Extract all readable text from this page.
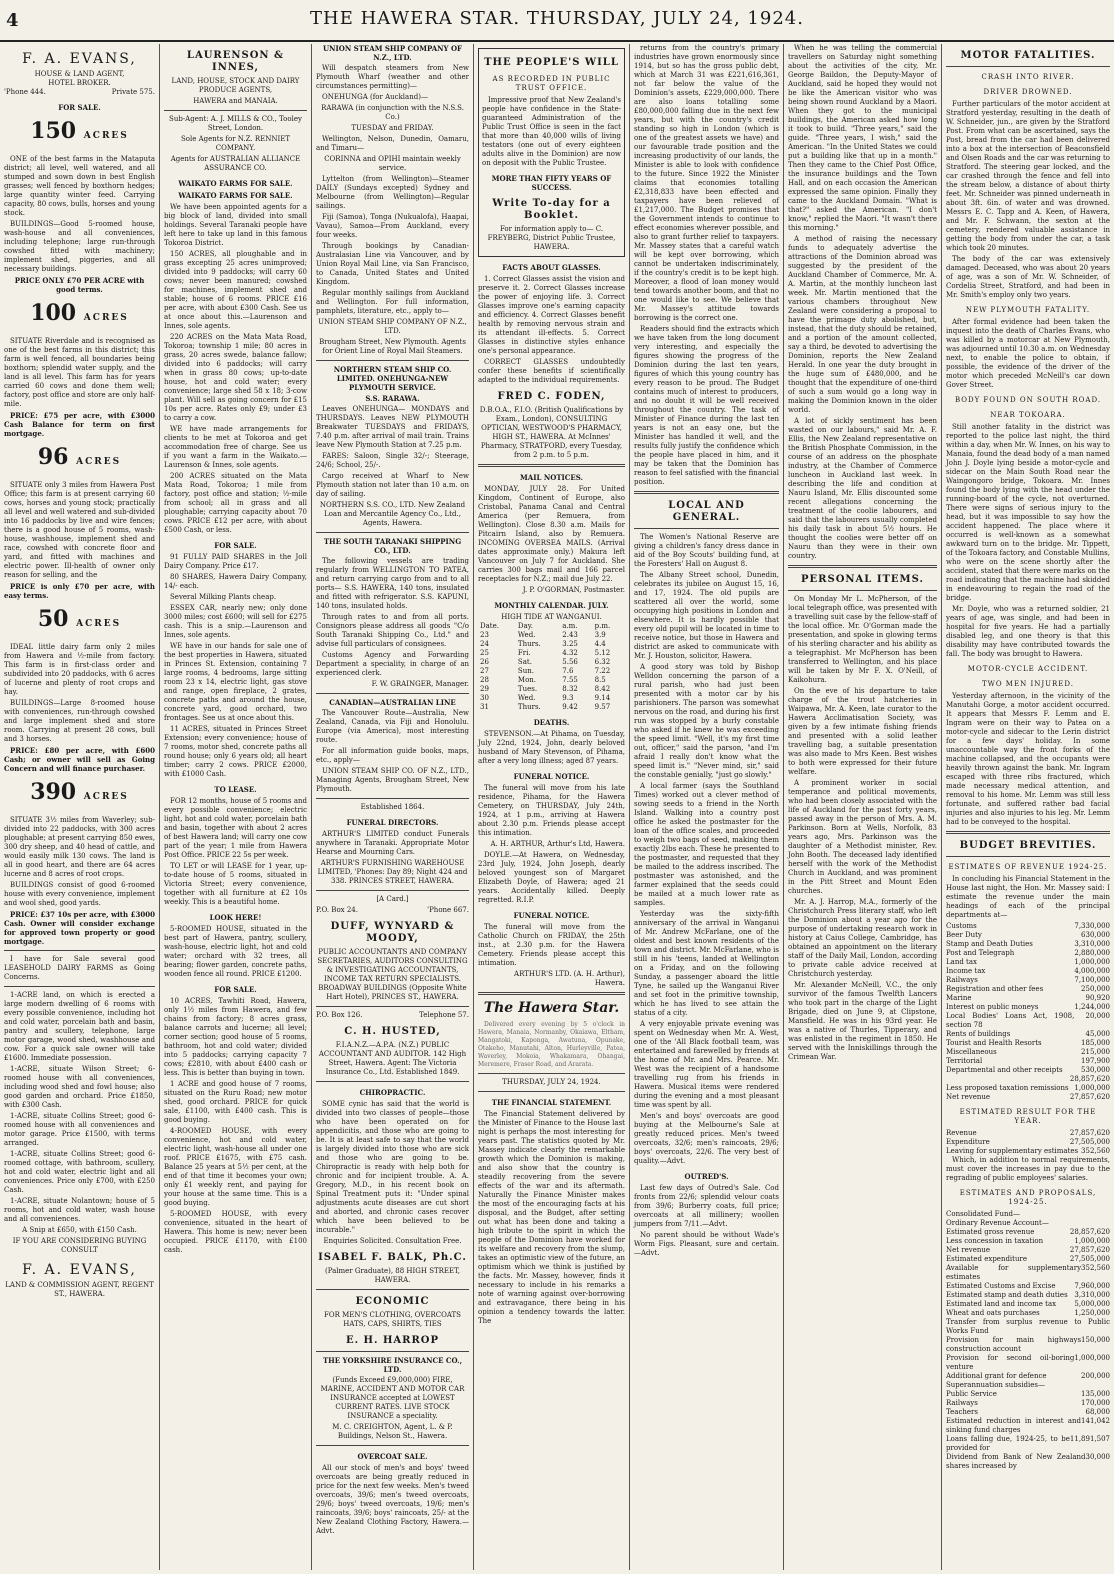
4	THE HAWERA STAR. THURSDAY, JULY 24, 1924.
F. A. EVANS,
HOUSE & LAND AGENT,
HOTEL BROKER.
'Phone 444.	Private 575.
FOR SALE.
150 ACRES

ONE of the best farms in the Mataputa district; all level, well watered, and all stumped and sown down in best English grasses; well fenced by boxthorn hedges; large quantity winter feed. Carrying capacity, 80 cows, bulls, horses and young stock.

BUILDINGS—Good 5-roomed house, wash-house and all conveniences, including telephone; large run-through cowshed fitted with machinery; implement shed, piggeries, and all necessary buildings.

PRICE ONLY £70 PER ACRE with good terms.

100 ACRES

SITUATE Riverdale and is recognised as one of the best farms in this district; this farm is well fenced, all boundaries being boxthorn; splendid water supply, and the land is all level. This farm has for years carried 60 cows and done them well; factory, post office and store are only half-mile.

PRICE: £75 per acre, with £3000 Cash Balance for term on first mortgage.

96 ACRES

SITUATE only 3 miles from Hawera Post Office; this farm is at present carrying 60 cows, horses and young stock; practically all level and well watered and sub-divided into 16 paddocks by live and wire fences; there is a good house of 5 rooms, wash-house, washhouse, implement shed and race, cowshed with concrete floor and yard, and fitted with machines and electric power. Ill-health of owner only reason for selling, and the

PRICE is only £70 per acre, with easy terms.

50 ACRES

IDEAL little dairy farm only 2 miles from Hawera and ½-mile from factory. This farm is in first-class order and subdivided into 20 paddocks, with 6 acres of lucerne and plenty of root crops and hay.

BUILDINGS—Large 8-roomed house with conveniences, run-through cowshed and large implement shed and store room. Carrying at present 28 cows, bull and 3 horses.

PRICE: £80 per acre, with £600 Cash; or owner will sell as Going Concern and will finance purchaser.

390 ACRES

SITUATE 3½ miles from Waverley; sub-divided into 22 paddocks, with 300 acres ploughable; at present carrying 850 ewes, 300 dry sheep, and 40 head of cattle, and would easily milk 130 cows. The land is all in good heart, and there are 64 acres lucerne and 8 acres of root crops.

BUILDINGS consist of good 6-roomed house with every convenience, implement and wool shed, good yards.

PRICE: £37 10s per acre, with £3000 Cash. Owner will consider exchange for approved town property or good mortgage.

I have for Sale several good LEASEHOLD DAIRY FARMS as Going Concerns.

1-ACRE land, on which is erected a large modern dwelling of 6 rooms with every possible convenience, including hot and cold water, porcelain bath and basin, pantry and scullery, telephone, large motor garage, wood shed, washhouse and cow. For a quick sale owner will take £1600. Immediate possession.

1-ACRE, situate Wilson Street; 6-roomed house with all conveniences, including wood shed and fowl house; also good garden and orchard. Price £1850, with £300 Cash.

1-ACRE, situate Collins Street; good 6-roomed house with all conveniences and motor garage. Price £1500, with terms arranged.

1-ACRE, situate Collins Street; good 6-roomed cottage, with bathroom, scullery, hot and cold water, electric light and all conveniences. Price only £700, with £250 Cash.

1-ACRE, situate Nolantown; house of 5 rooms, hot and cold water, wash house and all conveniences.

A Snip at £650, with £150 Cash.

IF YOU ARE CONSIDERING BUYING CONSULT

F. A. EVANS,

LAND & COMMISSION AGENT, REGENT ST., HAWERA.

LAURENSON & INNES,

LAND, HOUSE, STOCK AND DAIRY PRODUCE AGENTS,

HAWERA and MANAIA.

Sub-Agent: A. J. MILLS & CO., Tooley Street, London.

Sole Agents for N.Z. RENNIET COMPANY.

Agents for AUSTRALIAN ALLIANCE ASSURANCE CO.

WAIKATO FARMS FOR SALE.
WAIKATO FARMS FOR SALE.

We have been appointed agents for a big block of land, divided into small holdings. Several Taranaki people have left here to take up land in this famous Tokoroa District.

150 ACRES, all ploughable and in grass excepting 25 acres unimproved; divided into 9 paddocks; will carry 60 cows; never been manured; cowshed for machines, implement shed and stable; house of 6 rooms. PRICE £16 per acre, with about £300 Cash. See us at once about this.—Laurenson and Innes, sole agents.

220 ACRES on the Mata Mata Road, Tokoroa; township 1 mile; 80 acres in grass, 20 acres swede, balance fallow; divided into 6 paddocks; will carry when in grass 80 cows; up-to-date house, hot and cold water; every convenience; large shed 58 x 18; 3-cow plant. Will sell as going concern for £15 10s per acre. Rates only £9; under £3 to carry a cow.

WE have made arrangements for clients to be met at Tokoroa and get accommodation free of charge. See us if you want a farm in the Waikato.—Laurenson & Innes, sole agents.

200 ACRES situated on the Mata Mata Road, Tokoroa; 1 mile from factory, post office and station; ½-mile from school; all in grass and all ploughable; carrying capacity about 70 cows. PRICE £12 per acre, with about £500 Cash, or less.

FOR SALE.

91 FULLY PAID SHARES in the Joll Dairy Company. Price £17.

80 SHARES, Hawera Dairy Company, 14/- each.

Several Milking Plants cheap.

ESSEX CAR, nearly new; only done 3000 miles; cost £600; will sell for £275 cash. This is a snip.—Laurenson and Innes, sole agents.

WE have in our hands for sale one of the best properties in Hawera, situated in Princes St. Extension, containing 7 large rooms, 4 bedrooms, large sitting room 23 x 14, electric light, gas stove and range, open fireplace, 2 grates, concrete paths and around the house, concrete yard, good orchard, two frontages. See us at once about this.

11 ACRES, situated in Princes Street Extension; every convenience; house of 7 rooms, motor shed, concrete paths all round house; only 6 years old; all heart timber; carry 2 cows. PRICE £2000, with £1000 Cash.

TO LEASE.

FOR 12 months, house of 5 rooms and every possible convenience; electric light, hot and cold water, porcelain bath and basin, together with about 2 acres of best Hawera land; will carry one cow part of the year; 1 mile from Hawera Post Office. PRICE 22 5s per week.

TO LET or will LEASE for 1 year, up-to-date house of 5 rooms, situated in Victoria Street; every convenience, together with all furniture at £2 10s weekly. This is a beautiful home.

LOOK HERE!

5-ROOMED HOUSE, situated in the best part of Hawera, pantry, scullery, wash-house, electric light, hot and cold water; orchard with 32 trees, all bearing; flower garden, concrete paths, wooden fence all round. PRICE £1200.

FOR SALE.

10 ACRES, Tawhiti Road, Hawera, only 1½ miles from Hawera, and few chains from factory; 8 acres grass, balance carrots and lucerne; all level; corner section; good house of 5 rooms, bathroom, hot and cold water; divided into 5 paddocks; carrying capacity 7 cows; £2810, with about £400 cash or less. This is better than buying in town.

1 ACRE and good house of 7 rooms, situated on the Ruru Road; new motor shed, good orchard. PRICE for quick sale, £1100, with £400 cash. This is good buying.

4-ROOMED HOUSE, with every convenience, hot and cold water, electric light, wash-house all under one roof. PRICE £1675, with £75 cash. Balance 25 years at 5½ per cent, at the end of that time it becomes your own; only £1 weekly rent, and paying for your house at the same time. This is a good buying.

5-ROOMED HOUSE, with every convenience, situated in the heart of Hawera. This home is new; never been occupied. PRICE £1170, with £100 cash.

UNION STEAM SHIP COMPANY OF N.Z., LTD.

Will despatch steamers from New Plymouth Wharf (weather and other circumstances permitting)—

ONEHUNGA (for Auckland)—

RARAWA (in conjunction with the N.S.S. Co.)

TUESDAY and FRIDAY.

Wellington, Nelson, Dunedin, Oamaru, and Timaru—

CORINNA and OPIHI maintain weekly service.

Lyttelton (from Wellington)—Steamer DAILY (Sundays excepted) Sydney and Melbourne (from Wellington)—Regular sailings.

Fiji (Samoa), Tonga (Nukualofa), Haapai, Vavau), Samoa—From Auckland, every four weeks.

Through bookings by Canadian-Australasian Line via Vancouver, and by Union Royal Mail Line, via San Francisco, to Canada, United States and United Kingdom.

Regular monthly sailings from Auckland and Wellington. For full information, pamphlets, literature, etc., apply to—

UNION STEAM SHIP COMPANY OF N.Z., LTD.

Brougham Street, New Plymouth. Agents for Orient Line of Royal Mail Steamers.

NORTHERN STEAM SHIP CO. LIMITED. ONEHUNGA-NEW PLYMOUTH SERVICE.

S.S. RARAWA.

Leaves ONEHUNGA— MONDAYS and THURSDAYS. Leaves NEW PLYMOUTH Breakwater TUESDAYS and FRIDAYS, 7.40 p.m. after arrival of mail train. Trains leave New Plymouth Station at 7.25 p.m.

FARES: Saloon, Single 32/-; Steerage, 24/6; School, 25/-.

Cargo received at Wharf to New Plymouth station not later than 10 a.m. on day of sailing.

NORTHERN S.S. CO., LTD. New Zealand Loan and Mercantile Agency Co., Ltd., Agents, Hawera.

THE SOUTH TARANAKI SHIPPING CO., LTD.

The following vessels are trading regularly from WELLINGTON TO PATEA, and return carrying cargo from and to all ports— S.S. HAWERA, 140 tons, insulated and fitted with refrigerator. S.S. KAPUNI, 140 tons, insulated holds.

Through rates to and from all ports. Consignors please address all goods "C/o South Taranaki Shipping Co., Ltd." and advise full particulars of consignees.

Customs Agency and Forwarding Department a speciality, in charge of an experienced clerk.

F. W. GRAINGER, Manager.

CANADIAN—AUSTRALIAN LINE

The Vancouver Route—Australia, New Zealand, Canada, via Fiji and Honolulu. Europe (via America), most interesting route.

For all information guide books, maps, etc., apply—

UNION STEAM SHIP CO. OF N.Z., LTD., Managing Agents, Brougham Street, New Plymouth.

Established 1864.

FUNERAL DIRECTORS.

ARTHUR'S LIMITED conduct Funerals anywhere in Taranaki. Appropriate Motor Hearse and Mourning Cars.

ARTHUR'S FURNISHING WAREHOUSE LIMITED, 'Phones: Day 89; Night 424 and 338. PRINCES STREET, HAWERA.

[A Card.]

P.O. Box 24.	'Phone 667.
DUFF, WYNYARD & MOODY,

PUBLIC ACCOUNTANTS AND COMPANY SECRETARIES, AUDITORS CONSULTING & INVESTIGATING ACCOUNTANTS, INCOME TAX RETURN SPECIALISTS. BROADWAY BUILDINGS (Opposite White Hart Hotel), PRINCES ST., HAWERA.

P.O. Box 126.	Telephone 57.
C. H. HUSTED,

F.I.A.N.Z.—A.P.A. (N.Z.) PUBLIC ACCOUNTANT AND AUDITOR. 142 High Street, Hawera. Agent: The Victoria Insurance Co., Ltd. Established 1849.

CHIROPRACTIC.

SOME cynic has said that the world is divided into two classes of people—those who have been operated on for appendicitis, and those who are going to be. It is at least safe to say that the world is largely divided into those who are sick and those who are going to be. Chiropractic is ready with help both for chronic and for incipient trouble. A. A. Gregory, M.D., in his recent book on Spinal Treatment puts it: "Under spinal adjustments acute diseases are cut short and aborted, and chronic cases recover which have been believed to be incurable."

Enquiries Solicited. Consultation Free.

ISABEL F. BALK, Ph.C.

(Palmer Graduate), 88 HIGH STREET, HAWERA.

ECONOMIC

FOR MEN'S CLOTHING, OVERCOATS HATS, CAPS, SHIRTS, TIES

E. H. HARROP

THE YORKSHIRE INSURANCE CO., LTD.

(Funds Exceed £9,000,000) FIRE, MARINE, ACCIDENT AND MOTOR CAR INSURANCE accepted at LOWEST CURRENT RATES. LIVE STOCK INSURANCE a speciality.

M. C. CREIGHTON, Agent, L. & P. Buildings, Nelson St., Hawera.

OVERCOAT SALE.

All our stock of men's and boys' tweed overcoats are being greatly reduced in price for the next few weeks. Men's tweed overcoats, 39/6; men's tweed overcoats, 29/6; boys' tweed overcoats, 19/6; men's raincoats, 39/6; boys' raincoats, 25/- at the New Zealand Clothing Factory, Hawera.—Advt.

THE PEOPLE'S WILL
AS RECORDED IN PUBLIC TRUST OFFICE.

Impressive proof that New Zealand's people have confidence in the State-guaranteed Administration of the Public Trust Office is seen in the fact that more than 40,000 wills of living testators (one out of every eighteen adults alive in the Dominion) are now on deposit with the Public Trustee.

MORE THAN FIFTY YEARS OF SUCCESS.
Write To-day for a Booklet.

For information apply to— C. FREYBERG, District Public Trustee, HAWERA.

FACTS ABOUT GLASSES.

1. Correct Glasses assist the vision and preserve it. 2. Correct Glasses increase the power of enjoying life. 3. Correct Glasses improve one's earning capacity and efficiency. 4. Correct Glasses benefit health by removing nervous strain and its attendant ill-effects. 5. Correct Glasses in distinctive styles enhance one's personal appearance.

CORRECT GLASSES undoubtedly confer these benefits if scientifically adapted to the individual requirements.

FRED C. FODEN,

D.B.O.A., F.I.O. (British Qualifications by Exam., London), CONSULTING OPTICIAN, WESTWOOD'S PHARMACY, HIGH ST., HAWERA. At McInnes' Pharmacy, STRATFORD, every Tuesday, from 2 p.m. to 5 p.m.

MAIL NOTICES.

MONDAY, JULY 28. For United Kingdom, Continent of Europe, also Cristobal, Panama Canal and Central America (per Remuera, from Wellington). Close 8.30 a.m. Mails for Pitcairn Island, also by Remuera. INCOMING OVERSEA MAILS. (Arrival dates approximate only.) Makura left Vancouver on July 7 for Auckland. She carries 300 bags mail and 166 parcel receptacles for N.Z.; mail due July 22.

J. P. O'GORMAN, Postmaster.

MONTHLY CALENDAR. JULY.
HIGH TIDE AT WANGANUI.
Date.	Day.	a.m.	p.m.
23	Wed.	2.43	3.9
24	Thurs.	3.25	4.4
25	Fri.	4.32	5.12
26	Sat.	5.56	6.32
27	Sun.	7.6	7.22
28	Mon.	7.55	8.5
29	Tues.	8.32	8.42
30	Wed.	9.3	9.14
31	Thurs.	9.42	9.57
DEATHS.

STEVENSON.—At Pihama, on Tuesday, July 22nd, 1924, John, dearly beloved husband of Mary Stevenson, of Pihama, after a very long illness; aged 87 years.

FUNERAL NOTICE.

The funeral will move from his late residence, Pihama, for the Hawera Cemetery, on THURSDAY, July 24th, 1924, at 1 p.m., arriving at Hawera about 2.30 p.m. Friends please accept this intimation.

A. H. ARTHUR, Arthur's Ltd, Hawera.

DOYLE.—At Hawera, on Wednesday, 23rd July, 1924, John Joseph, dearly beloved youngest son of Margaret Elizabeth Doyle, of Hawera; aged 21 years. Accidentally killed. Deeply regretted. R.I.P.

FUNERAL NOTICE.

The funeral will move from the Catholic Church on FRIDAY, the 25th inst., at 2.30 p.m. for the Hawera Cemetery. Friends please accept this intimation.

ARTHUR'S LTD. (A. H. Arthur), Hawera.

The Hawera Star.

Delivered every evening by 5 o'clock in Hawera, Manaia, Normanby, Okaiawa, Eltham, Mangatoki, Kaponga, Awatuna, Opunake, Otakeho, Manutahi, Alton, Hurleyville, Patea, Waverley, Mokoia, Whakamara, Ohangai, Meremere, Fraser Road, and Ararata.

THURSDAY, JULY 24, 1924.
THE FINANCIAL STATEMENT.

The Financial Statement delivered by the Minister of Finance to the House last night is perhaps the most interesting for years past. The statistics quoted by Mr. Massey indicate clearly the remarkable growth which the Dominion is making, and also show that the country is steadily recovering from the severe effects of the war and its aftermath. Naturally the Finance Minister makes the most of the encouraging facts at his disposal, and the Budget, after setting out what has been done and taking a high tribute to the spirit in which the people of the Dominion have worked for its welfare and recovery from the slump, takes an optimistic view of the future, an optimism which we think is justified by the facts. Mr. Massey, however, finds it necessary to include in his remarks a note of warning against over-borrowing and extravagance, there being in his opinion a tendency towards the latter. The

returns from the country's primary industries have grown enormously since 1914, but so has the gross public debt, which at March 31 was £221,616,361, not far below the value of the Dominion's assets, £229,000,000. There are also loans totalling some £80,000,000 falling due in the next few years, but with the country's credit standing so high in London (which is one of the greatest assets we have) and our favourable trade position and the increasing productivity of our lands, the Minister is able to look with confidence to the future. Since 1922 the Minister claims that economies totalling £2,318,833 have been effected and taxpayers have been relieved of £1,217,000. The Budget promises that the Government intends to continue to effect economies wherever possible, and also to grant further relief to taxpayers. Mr. Massey states that a careful watch will be kept over borrowing, which cannot be undertaken indiscriminately, if the country's credit is to be kept high. Moreover, a flood of loan money would tend towards another boom, and that no one would like to see. We believe that Mr. Massey's attitude towards borrowing is the correct one.

Readers should find the extracts which we have taken from the long document very interesting, and especially the figures showing the progress of the Dominion during the last ten years, figures of which this young country has every reason to be proud. The Budget contains much of interest to producers, and no doubt it will be well received throughout the country. The task of Minister of Finance during the last ten years is not an easy one, but the Minister has handled it well, and the results fully justify the confidence which the people have placed in him, and it may be taken that the Dominion has reason to feel satisfied with the financial position.

LOCAL AND GENERAL.

The Women's National Reserve are giving a children's fancy dress dance in aid of the Boy Scouts' building fund, at the Foresters' Hall on August 8.

The Albany Street school, Dunedin, celebrates its jubilee on August 15, 16, and 17, 1924. The old pupils are scattered all over the world, some occupying high positions in London and elsewhere. It is hardly possible that every old pupil will be located in time to receive notice, but those in Hawera and district are asked to communicate with Mr. J. Houston, solicitor, Hawera.

A good story was told by Bishop Welldon concerning the parson of a rural parish, who had just been presented with a motor car by his parishioners. The parson was somewhat nervous on the road, and during his first run was stopped by a burly constable who asked if he knew he was exceeding the speed limit. "Well, it's my first time out, officer," said the parson, "and I'm afraid I really don't know what the speed limit is." "Never mind, sir," said the constable genially, "just go slowly."

A local farmer (says the Southland Times) worked out a clever method of sowing seeds to a friend in the North Island. Walking into a country post office he asked the postmaster for the loan of the office scales, and proceeded to weigh two bags of seed, making them exactly 2lbs each. These he presented to the postmaster, and requested that they be mailed to the address inscribed. The postmaster was astonished, and the farmer explained that the seeds could be mailed at a much lower rate as samples.

Yesterday was the sixty-fifth anniversary of the arrival in Wanganui of Mr. Andrew McFarlane, one of the oldest and best known residents of the town and district. Mr. McFarlane, who is still in his 'teens, landed at Wellington on a Friday, and on the following Sunday, a passenger aboard the little Tyne, he sailed up the Wanganui River and set foot in the primitive township, which he has lived to see attain the status of a city.

A very enjoyable private evening was spent on Wednesday when Mr. A. West, one of the 'All Black football team, was entertained and farewelled by friends at the home of Mr. and Mrs. Pearce. Mr. West was the recipient of a handsome travelling rug from his friends in Hawera. Musical items were rendered during the evening and a most pleasant time was spent by all.

Men's and boys' overcoats are good buying at the Melbourne's Sale at greatly reduced prices. Men's tweed overcoats, 32/6; men's raincoats, 29/6; boys' overcoats, 22/6. The very best of quality.—Advt.

OUTRED'S.

Last few days of Outred's Sale. Cod fronts from 22/6; splendid velour coats from 39/6; Burberry coats, full price; overcoats at all millinery; woollen jumpers from 7/11.—Advt.

No parent should be without Wade's Worm Figs. Pleasant, sure and certain.—Advt.

When he was telling the commercial travellers on Saturday night something about the activities of the city, Mr. George Baildon, the Deputy-Mayor of Auckland, said he hoped they would not be like the American visitor who was being shown round Auckland by a Maori. When they got to the municipal buildings, the American asked how long it took to build. "Three years," said the guide. "Three years, I wish," said the American. "In the United States we could put a building like that up in a month." Then they came to the Chief Post Office, the insurance buildings and the Town Hall, and on each occasion the American expressed the same opinion. Finally they came to the Auckland Domain. "What is that?" asked the American. "I don't know," replied the Maori. "It wasn't there this morning."

A method of raising the necessary funds to adequately advertise the attractions of the Dominion abroad was suggested by the president of the Auckland Chamber of Commerce, Mr. A. A. Martin, at the monthly luncheon last week. Mr. Martin mentioned that the various chambers throughout New Zealand were considering a proposal to have the primage duty abolished, but, instead, that the duty should be retained, and a portion of the amount collected, say a third, be devoted to advertising the Dominion, reports the New Zealand Herald. In one year the duty brought in the huge sum of £480,000, and he thought that the expenditure of one-third of such a sum would go a long way in making the Dominion known in the older world.

A lot of sickly sentiment has been wasted on our labours," said Mr. A. F. Ellis, the New Zealand representative on the British Phosphate Commission, in the course of an address on the phosphate industry, at the Chamber of Commerce luncheon in Auckland last week. In describing the life and condition at Nauru Island, Mr. Ellis discounted some recent allegations concerning the treatment of the coolie labourers, and said that the labourers usually completed his daily task in about 5½ hours. He thought the coolies were better off on Nauru than they were in their own country.

PERSONAL ITEMS.

On Monday Mr L. McPherson, of the local telegraph office, was presented with a travelling suit case by the fellow-staff of the local office. Mr. O'Gorman made the presentation, and spoke in glowing terms of his sterling character and his ability as a telegraphist. Mr McPherson has been transferred to Wellington, and his place will be taken by Mr F. X. O'Neill, of Kaikohura.

On the eve of his departure to take charge of the trout hatcheries in Waipawa, Mr. A. Keen, late curator to the Hawera Acclimatisation Society, was given by a few intimate fishing friends and presented with a solid leather travelling bag, a suitable presentation was also made to Mrs Keen. Best wishes to both were expressed for their future welfare.

A prominent worker in social temperance and political movements, who had been closely associated with the life of Auckland for the past forty years, passed away in the person of Mrs. A. M. Parkinson. Born at Wells, Norfolk, 83 years ago, Mrs. Parkinson was the daughter of a Methodist minister, Rev. John Booth. The deceased lady identified herself with the work of the Methodist Church in Auckland, and was prominent in the Pitt Street and Mount Eden churches.

Mr. A. J. Harrop, M.A., formerly of the Christchurch Press literary staff, who left the Dominion about a year ago for the purpose of undertaking research work in history at Caius College, Cambridge, has obtained an appointment on the literary staff of the Daily Mail, London, according to private cable advice received at Christchurch yesterday.

Mr. Alexander McNeill, V.C., the only survivor of the famous Twelfth Lancers who took part in the charge of the Light Brigade, died on June 9, at Clipstone, Mansfield. He was in his 93rd year. He was a native of Thurles, Tipperary, and was enlisted in the regiment in 1850. He served with the Inniskillings through the Crimean War.

MOTOR FATALITIES.
CRASH INTO RIVER.
DRIVER DROWNED.

Further particulars of the motor accident at Stratford yesterday, resulting in the death of W. Schneider, jun., are given by the Stratford Post. From what can be ascertained, says the Post, bread from the car had been delivered into a box at the intersection of Beaconsfield and Olsen Roads and the car was returning to Stratford. The steering gear locked, and the car crashed through the fence and fell into the stream below, a distance of about thirty feet. Mr. Schneider was pinned underneath in about 3ft. 6in. of water and was drowned. Messrs E. C. Tapp and A. Keen, of Hawera, and Mr. F. Schwann, the sexton at the cemetery, rendered valuable assistance in getting the body from under the car, a task which took 20 minutes.

The body of the car was extensively damaged. Deceased, who was about 20 years of age, was a son of Mr. W. Schneider, of Cordelia Street, Stratford, and had been in Mr. Smith's employ only two years.

NEW PLYMOUTH FATALITY.

After formal evidence had been taken the inquest into the death of Charles Evans, who was killed by a motorcar at New Plymouth, was adjourned until 10.30 a.m. on Wednesday next, to enable the police to obtain, if possible, the evidence of the driver of the motor which preceded McNeill's car down Gover Street.

BODY FOUND ON SOUTH ROAD.
NEAR TOKOARA.

Still another fatality in the district was reported to the police last night, the third within a day, when Mr. W. Innes, on his way to Manaia, found the dead body of a man named John J. Doyle lying beside a motor-cycle and sidecar on the Main South Road near the Waingongoro bridge, Tokoara. Mr. Innes found the body lying with the head under the running-board of the cycle, not overturned. There were signs of serious injury to the head, but it was impossible to say how the accident happened. The place where it occurred is well-known as a somewhat awkward turn on to the bridge. Mr. Tippett, of the Tokoara factory, and Constable Mullins, who were on the scene shortly after the accident, stated that there were marks on the road indicating that the machine had skidded in endeavouring to regain the road of the bridge.

Mr. Doyle, who was a returned soldier, 21 years of age, was single, and had been in hospital for five years. He had a partially disabled leg, and one theory is that this disability may have contributed towards the fall. The body was brought to Hawera.

MOTOR-CYCLE ACCIDENT.
TWO MEN INJURED.

Yesterday afternoon, in the vicinity of the Manutahi Gorge, a motor accident occurred. It appears that Messrs F. Lemm and E. Ingram were on their way to Patea on a motor-cycle and sidecar to the Lerin district for a few days' holiday. In some unaccountable way the front forks of the machine collapsed, and the occupants were heavily thrown against the bank. Mr. Ingram escaped with three ribs fractured, which made necessary medical attention, and removal to his home. Mr. Lemm was still less fortunate, and suffered rather bad facial injuries and also injuries to his leg. Mr. Lemm had to be conveyed to the hospital.

BUDGET BREVITIES.
ESTIMATES OF REVENUE 1924-25.

In concluding his Financial Statement in the House last night, the Hon. Mr. Massey said: I estimate the revenue under the main headings of each of the principal departments at—

Customs	7,330,000
Beer Duty	630,000
Stamp and Death Duties	3,310,000
Post and Telegraph	2,880,000
Land tax	1,000,000
Income tax	4,000,000
Railways	7,100,000
Registration and other fees	250,000
Marine	90,920
Interest on public moneys	1,244,000
Local Bodies' Loans Act, 1908, section 78	20,000
Rents of buildings	45,000
Tourist and Health Resorts	185,000
Miscellaneous	215,000
Territorial	197,900
Departmental and other receipts	530,000
28,857,620
Less proposed taxation remissions 1,000,000
Net revenue	27,857,620
ESTIMATED RESULT FOR THE YEAR.
Revenue	27,857,620
Expenditure	27,505,000
Leaving for supplementary estimates 352,560

Which, in addition to normal requirements, must cover the increases in pay due to the regrading of public employees' salaries.

ESTIMATES AND PROPOSALS, 1924-25.
Consolidated Fund—
Ordinary Revenue Account—
Estimated gross revenue	28,857,620
Less concession in taxation	1,000,000
Net revenue	27,857,620
Estimated expenditure	27,505,000
Available for supplementary estimates
352,560
Estimated Customs and Excise	7,960,000
Estimated stamp and death duties 3,310,000
Estimated land and income tax	5,000,000
Wheat and oats purchases	1,250,000
Transfer from surplus revenue to Public Works Fund
Provision for main highways construction account
150,000
Provision for second oil-boring venture
1,000,000
Additional grant for defence	200,000
Superannuation subsidies—
Public Service	135,000
Railways	170,000
Teachers	68,000
Estimated reduction in interest and sinking fund charges
141,042
Loans falling due, 1924-25, to be provided for
11,891,507
Dividend from Bank of New Zealand shares increased by
30,000
